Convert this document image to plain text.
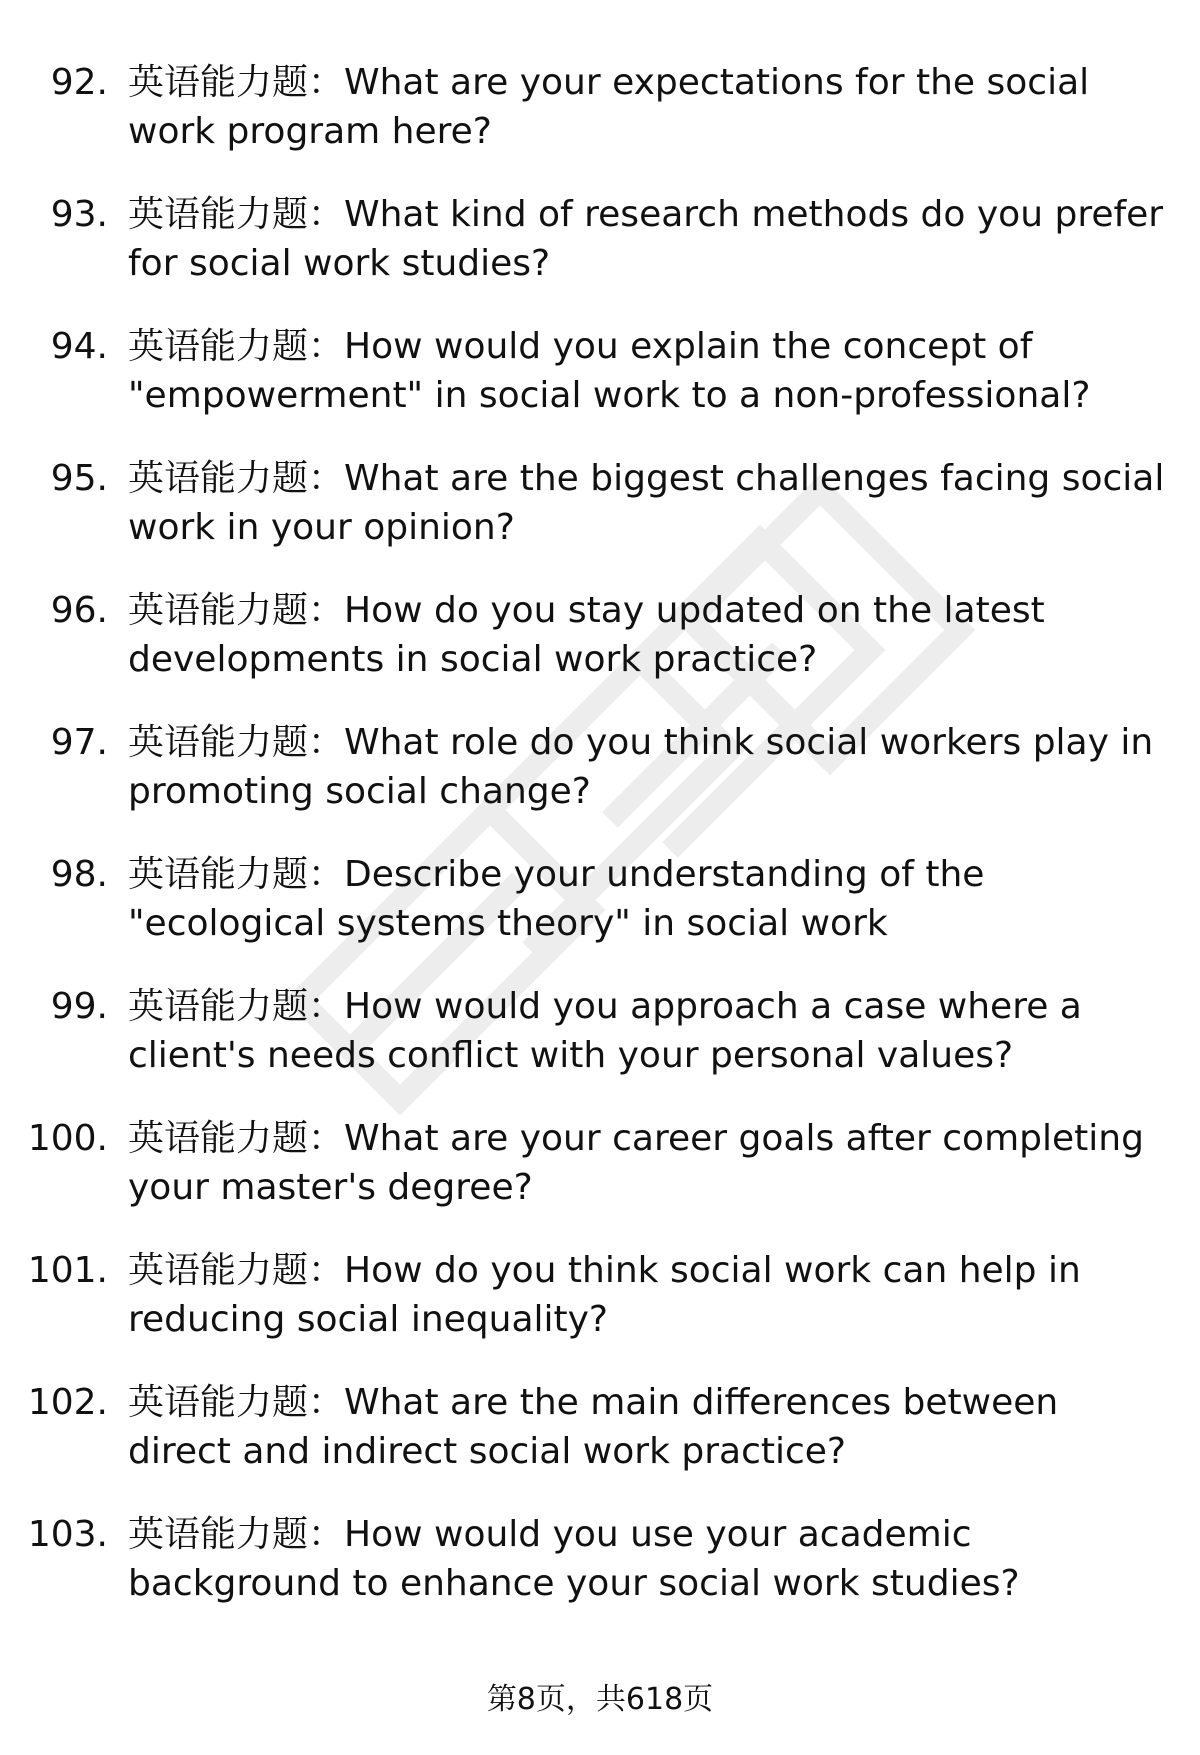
92. 英语能力题：What are your expectations for the social work program here?
93. 英语能力题：What kind of research methods do you prefer for social work studies?
94. 英语能力题：How would you explain the concept of "empowerment" in social work to a non-professional?
95. 英语能力题：What are the biggest challenges facing social work in your opinion?
96. 英语能力题：How do you stay updated on the latest developments in social work practice?
97. 英语能力题：What role do you think social workers play in promoting social change?
98. 英语能力题：Describe your understanding of the "ecological systems theory" in social work
99. 英语能力题：How would you approach a case where a client's needs conflict with your personal values?
100. 英语能力题：What are your career goals after completing your master's degree?
101. 英语能力题：How do you think social work can help in reducing social inequality?
102. 英语能力题：What are the main differences between direct and indirect social work practice?
103. 英语能力题：How would you use your academic background to enhance your social work studies?
第8页，共618页
